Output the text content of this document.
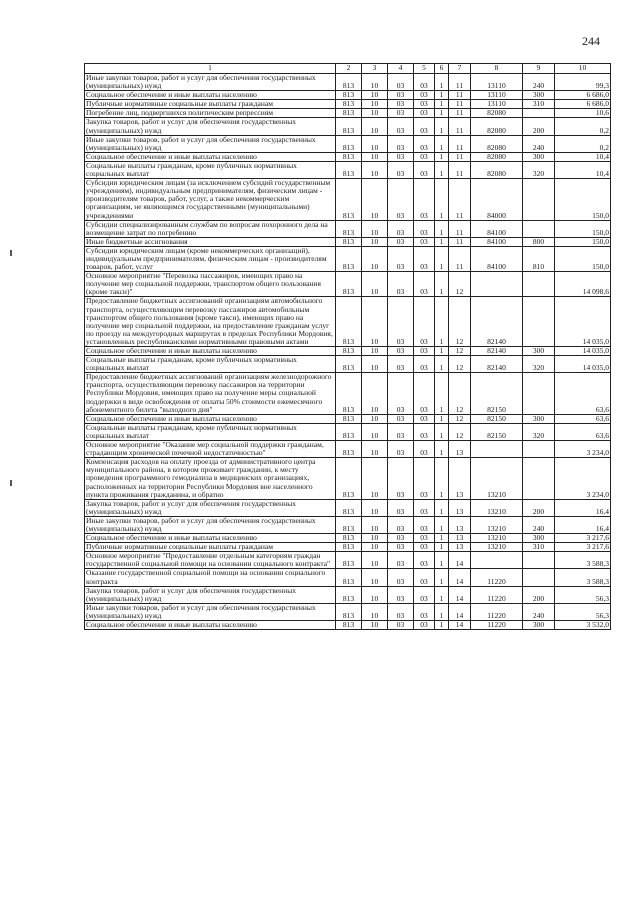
244
1	2	3	4	5	6	7	8	9	10
Иные закупки товаров, работ и услуг для обеспечения государственных (муниципальных) нужд	813	10	03	03	1	11	13110	240	99,3
Социальное обеспечение и иные выплаты населению	813	10	03	03	1	11	13110	300	6 686,0
Публичные нормативные социальные выплаты гражданам	813	10	03	03	1	11	13110	310	6 686,0
Погребение лиц, подвергшихся политическим репрессиям	813	10	03	03	1	11	82080		10,6
Закупка товаров, работ и услуг для обеспечения государственных (муниципальных) нужд	813	10	03	03	1	11	82080	200	0,2
Иные закупки товаров, работ и услуг для обеспечения государственных (муниципальных) нужд	813	10	03	03	1	11	82080	240	0,2
Социальное обеспечение и иные выплаты населению	813	10	03	03	1	11	82080	300	10,4
Социальные выплаты гражданам, кроме публичных нормативных социальных выплат	813	10	03	03	1	11	82080	320	10,4
Субсидии юридическим лицам (за исключением субсидий государственным учреждениям), индивидуальным предпринимателям, физическим лицам - производителям товаров, работ, услуг, а также некоммерческим организациям, не являющимся государственными (муниципальными) учреждениями	813	10	03	03	1	11	84000		150,0
Субсидии специализированным службам по вопросам похоронного дела на возмещение затрат по погребению	813	10	03	03	1	11	84100		150,0
Иные бюджетные ассигнования	813	10	03	03	1	11	84100	800	150,0
Субсидии юридическим лицам (кроме некоммерческих организаций), индивидуальным предпринимателям, физическим лицам - производителям товаров, работ, услуг	813	10	03	03	1	11	84100	810	150,0
Основное мероприятие "Перевозка пассажиров, имеющих право на получение мер социальной поддержки, транспортом общего пользования (кроме такси)"	813	10	03	03	1	12			14 098,6
Предоставление бюджетных ассигнований организациям автомобильного транспорта, осуществляющим перевозку пассажиров автомобильным транспортом общего пользования (кроме такси), имеющих право на получение мер социальной поддержки, на предоставление гражданам услуг по проезду на междугородных маршрутах в пределах Республики Мордовия, установленных республиканскими нормативными правовыми актами	813	10	03	03	1	12	82140		14 035,0
Социальное обеспечение и иные выплаты населению	813	10	03	03	1	12	82140	300	14 035,0
Социальные выплаты гражданам, кроме публичных нормативных социальных выплат	813	10	03	03	1	12	82140	320	14 035,0
Предоставление бюджетных ассигнований организациям железнодорожного транспорта, осуществляющим перевозку пассажиров на территории Республики Мордовия, имеющих право на получение меры социальной поддержки в виде освобождения от оплаты 50% стоимости ежемесячного абонементного билета "выходного дня"	813	10	03	03	1	12	82150		63,6
Социальное обеспечение и иные выплаты населению	813	10	03	03	1	12	82150	300	63,6
Социальные выплаты гражданам, кроме публичных нормативных социальных выплат	813	10	03	03	1	12	82150	320	63,6
Основное мероприятие "Оказание мер социальной поддержки гражданам, страдающим хронической почечной недостаточностью"	813	10	03	03	1	13			3 234,0
Компенсация расходов на оплату проезда от административного центра муниципального района, в котором проживает гражданин, к месту проведения программного гемодиализа в медицинских организациях, расположенных на территории Республики Мордовия вне населенного пункта проживания гражданина, и обратно	813	10	03	03	1	13	13210		3 234,0
Закупка товаров, работ и услуг для обеспечения государственных (муниципальных) нужд	813	10	03	03	1	13	13210	200	16,4
Иные закупки товаров, работ и услуг для обеспечения государственных (муниципальных) нужд	813	10	03	03	1	13	13210	240	16,4
Социальное обеспечение и иные выплаты населению	813	10	03	03	1	13	13210	300	3 217,6
Публичные нормативные социальные выплаты гражданам	813	10	03	03	1	13	13210	310	3 217,6
Основное мероприятие "Предоставление отдельным категориям граждан государственной социальной помощи на основании социального контракта"	813	10	03	03	1	14			3 588,3
Оказание государственной социальной помощи на основании социального контракта	813	10	03	03	1	14	11220		3 588,3
Закупка товаров, работ и услуг для обеспечения государственных (муниципальных) нужд	813	10	03	03	1	14	11220	200	56,3
Иные закупки товаров, работ и услуг для обеспечения государственных (муниципальных) нужд	813	10	03	03	1	14	11220	240	56,3
Социальное обеспечение и иные выплаты населению	813	10	03	03	1	14	11220	300	3 532,0
